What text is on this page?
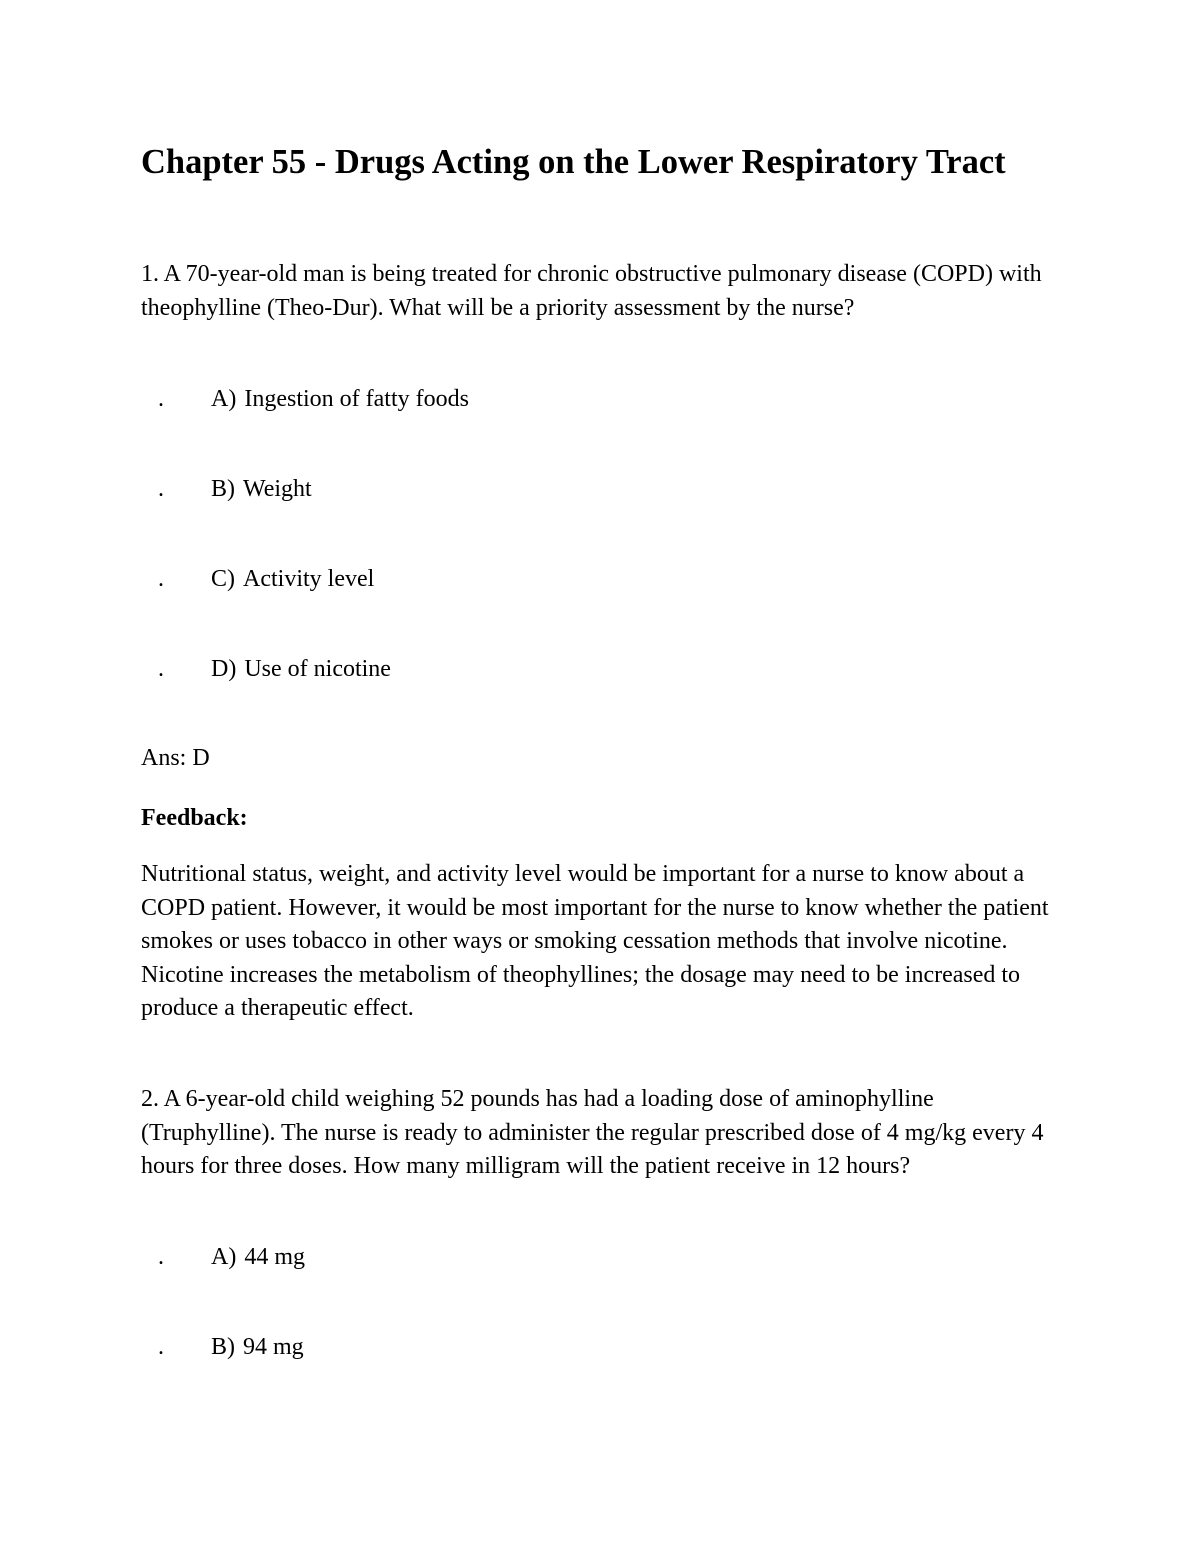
Chapter 55 - Drugs Acting on the Lower Respiratory Tract

1. A 70-year-old man is being treated for chronic obstructive pulmonary disease (COPD) with theophylline (Theo-Dur). What will be a priority assessment by the nurse?

. A) Ingestion of fatty foods
. B) Weight
. C) Activity level
. D) Use of nicotine

Ans: D

Feedback:

Nutritional status, weight, and activity level would be important for a nurse to know about a COPD patient. However, it would be most important for the nurse to know whether the patient smokes or uses tobacco in other ways or smoking cessation methods that involve nicotine. Nicotine increases the metabolism of theophyllines; the dosage may need to be increased to produce a therapeutic effect.

2. A 6-year-old child weighing 52 pounds has had a loading dose of aminophylline (Truphylline). The nurse is ready to administer the regular prescribed dose of 4 mg/kg every 4 hours for three doses. How many milligram will the patient receive in 12 hours?

. A) 44 mg
. B) 94 mg
